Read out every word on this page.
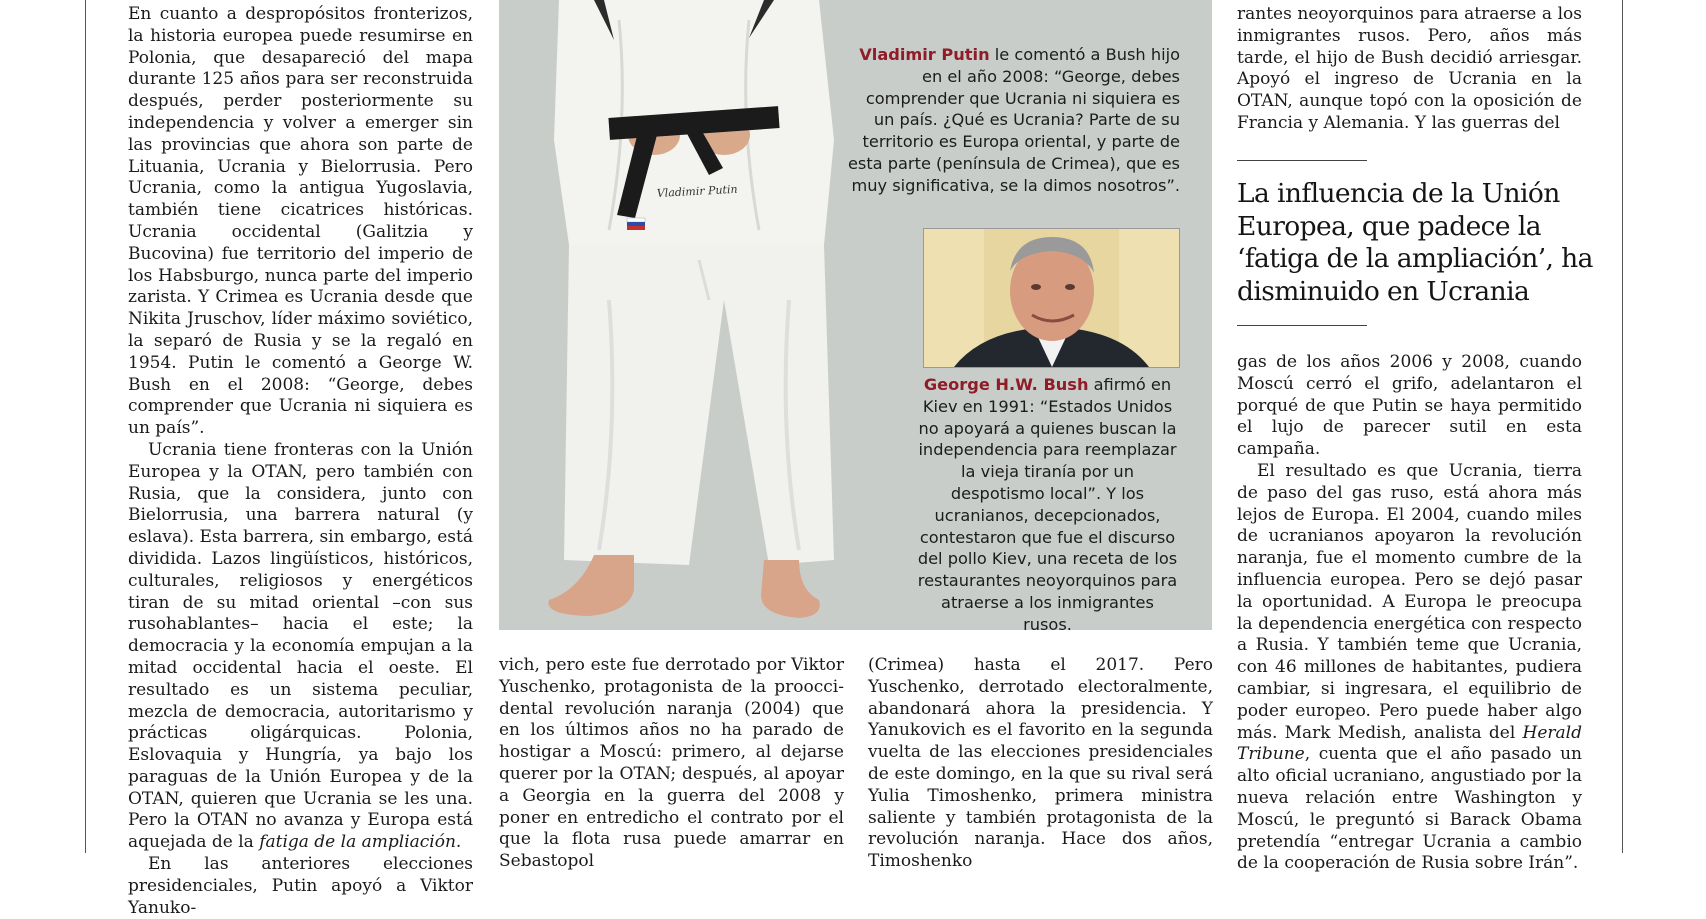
En cuanto a despropósitos fronterizos, la historia europea puede resumirse en Polonia, que desapareció del mapa durante 125 años para ser reconstruida después, perder posteriormente su independencia y volver a emerger sin las provincias que ahora son parte de Lituania, Ucrania y Bielorrusia. Pero Ucrania, como la antigua Yugoslavia, también tiene cicatrices históricas. Ucrania occidental (Galitzia y Bucovina) fue territorio del imperio de los Habsburgo, nunca parte del imperio zarista. Y Crimea es Ucrania desde que Nikita Jruschov, líder máximo soviético, la separó de Rusia y se la regaló en 1954. Putin le comentó a George W. Bush en el 2008: “George, debes comprender que Ucrania ni siquiera es un país”.

Ucrania tiene fronteras con la Unión Europea y la OTAN, pero también con Rusia, que la considera, junto con Bielorrusia, una barrera natural (y eslava). Esta barrera, sin embargo, está dividida. Lazos lingüísticos, históricos, culturales, religiosos y energéticos tiran de su mitad oriental –con sus rusohablantes– hacia el este; la democracia y la economía empujan a la mitad occidental hacia el oeste. El resultado es un sistema peculiar, mezcla de democracia, autoritarismo y prácticas oligárquicas. Polonia, Eslovaquia y Hungría, ya bajo los paraguas de la Unión Europea y de la OTAN, quieren que Ucrania se les una. Pero la OTAN no avanza y Europa está aquejada de la fatiga de la ampliación.

En las anteriores elecciones presidenciales, Putin apoyó a Viktor Yanuko-

Vladimir Putin
Vladimir Putin le comentó a Bush hijo en el año 2008: “George, debes comprender que Ucrania ni siquiera es un país. ¿Qué es Ucrania? Parte de su territorio es Europa oriental, y parte de esta parte (península de Crimea), que es muy significativa, se la dimos nosotros”.
George H.W. Bush afirmó en Kiev en 1991: “Estados Unidos no apoyará a quienes buscan la independencia para reemplazar la vieja tiranía por un despotismo local”. Y los ucranianos, decepcionados, contestaron que fue el discurso del pollo Kiev, una receta de los restaurantes neoyorquinos para atraerse a los inmigrantes rusos.

vich, pero este fue derrotado por Viktor Yuschenko, protagonista de la prooccidental revolución naranja (2004) que en los últimos años no ha parado de hostigar a Moscú: primero, al dejarse querer por la OTAN; después, al apoyar a Georgia en la guerra del 2008 y poner en entredicho el contrato por el que la flota rusa puede amarrar en Sebastopol

(Crimea) hasta el 2017. Pero Yuschenko, derrotado electoralmente, abandonará ahora la presidencia. Y Yanukovich es el favorito en la segunda vuelta de las elecciones presidenciales de este domingo, en la que su rival será Yulia Timoshenko, primera ministra saliente y también protagonista de la revolución naranja. Hace dos años, Timoshenko

rantes neoyorquinos para atraerse a los inmigrantes rusos. Pero, años más tarde, el hijo de Bush decidió arriesgar. Apoyó el ingreso de Ucrania en la OTAN, aunque topó con la oposición de Francia y Alemania. Y las guerras del

La influencia de la Unión Europea, que padece la ‘fatiga de la ampliación’, ha disminuido en Ucrania

gas de los años 2006 y 2008, cuando Moscú cerró el grifo, adelantaron el porqué de que Putin se haya permitido el lujo de parecer sutil en esta campaña.

El resultado es que Ucrania, tierra de paso del gas ruso, está ahora más lejos de Europa. El 2004, cuando miles de ucranianos apoyaron la revolución naranja, fue el momento cumbre de la influencia europea. Pero se dejó pasar la oportunidad. A Europa le preocupa la dependencia energética con respecto a Rusia. Y también teme que Ucrania, con 46 millones de habitantes, pudiera cambiar, si ingresara, el equilibrio de poder europeo. Pero puede haber algo más. Mark Medish, analista del Herald Tribune, cuenta que el año pasado un alto oficial ucraniano, angustiado por la nueva relación entre Washington y Moscú, le preguntó si Barack Obama pretendía “entregar Ucrania a cambio de la cooperación de Rusia sobre Irán”.
